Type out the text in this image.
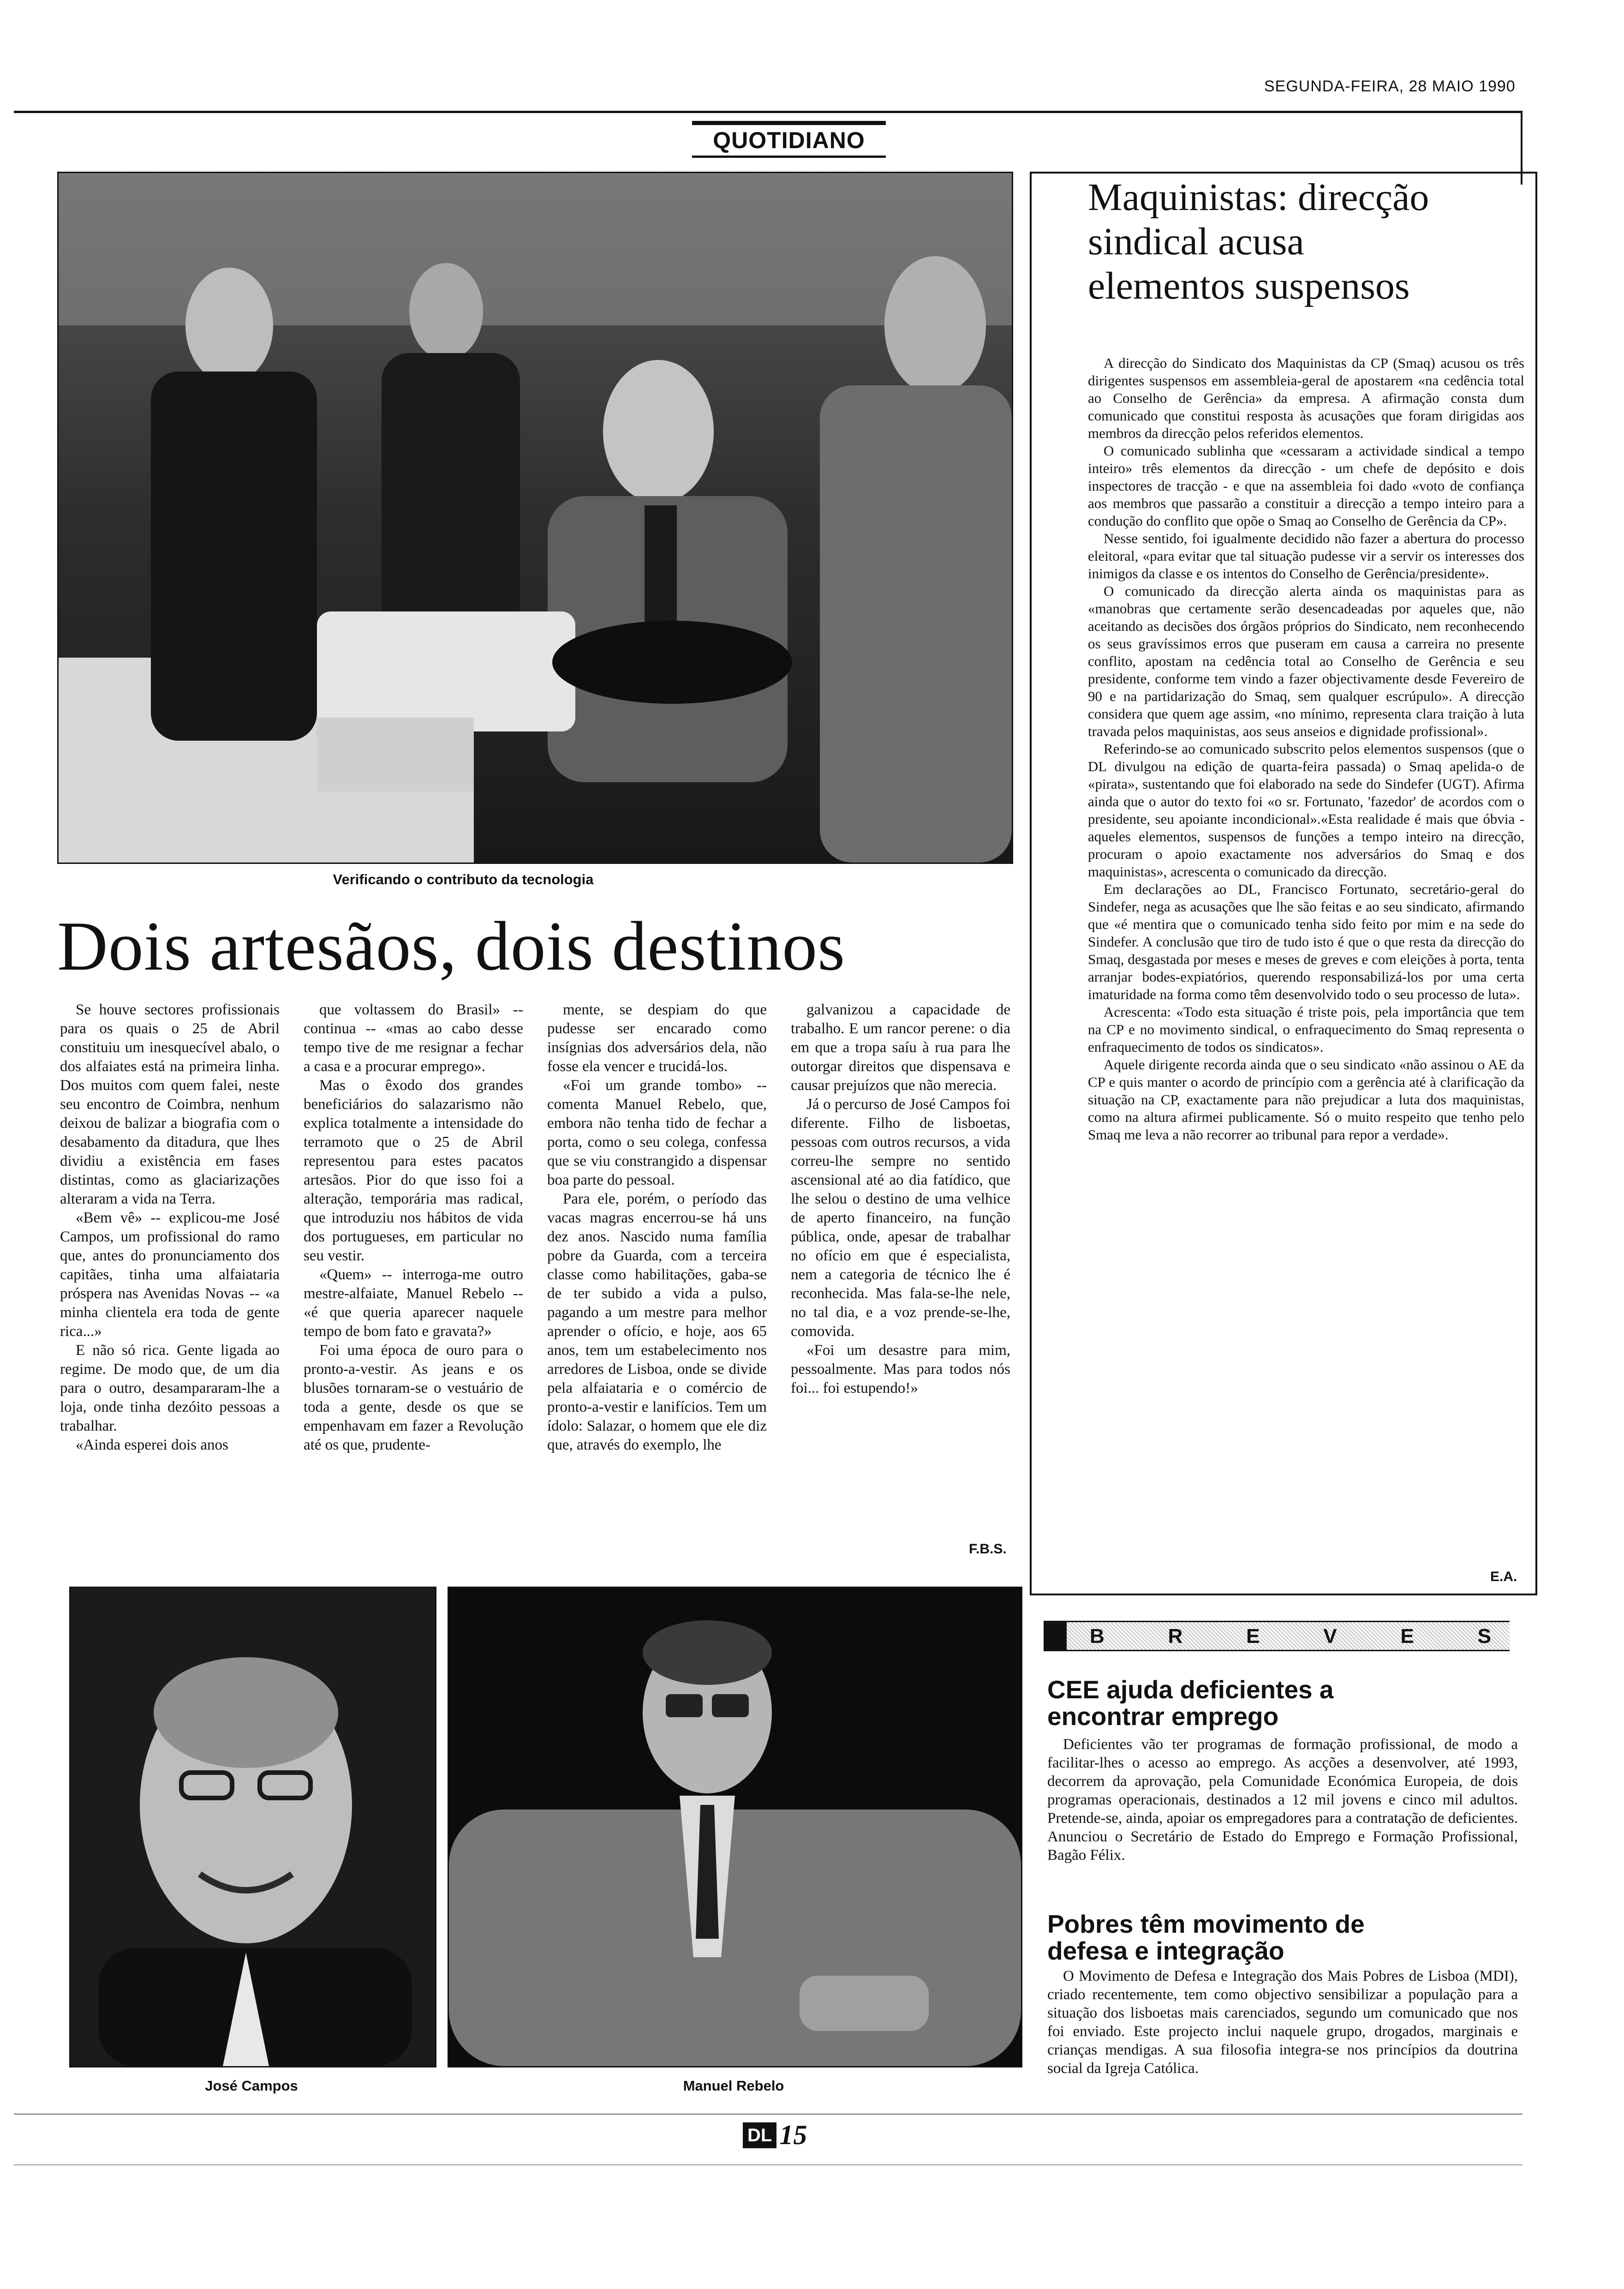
SEGUNDA-FEIRA, 28 MAIO 1990
QUOTIDIANO
Verificando o contributo da tecnologia
Dois artesãos, dois destinos

Se houve sectores profissionais para os quais o 25 de Abril constituiu um inesquecível abalo, o dos alfaiates está na primeira linha. Dos muitos com quem falei, neste seu encontro de Coimbra, nenhum deixou de balizar a biografia com o desabamento da ditadura, que lhes dividiu a existência em fases distintas, como as glaciarizações alteraram a vida na Terra.

«Bem vê» -- explicou-me José Campos, um profissional do ramo que, antes do pronunciamento dos capitães, tinha uma alfaiataria próspera nas Avenidas Novas -- «a minha clientela era toda de gente rica...»

E não só rica. Gente ligada ao regime. De modo que, de um dia para o outro, desampararam-lhe a loja, onde tinha dezóito pessoas a trabalhar.

«Ainda esperei dois anos

que voltassem do Brasil» -- continua -- «mas ao cabo desse tempo tive de me resignar a fechar a casa e a procurar emprego».

Mas o êxodo dos grandes beneficiários do salazarismo não explica totalmente a intensidade do terramoto que o 25 de Abril representou para estes pacatos artesãos. Pior do que isso foi a alteração, temporária mas radical, que introduziu nos hábitos de vida dos portugueses, em particular no seu vestir.

«Quem» -- interroga-me outro mestre-alfaiate, Manuel Rebelo -- «é que queria aparecer naquele tempo de bom fato e gravata?»

Foi uma época de ouro para o pronto-a-vestir. As jeans e os blusões tornaram-se o vestuário de toda a gente, desde os que se empenhavam em fazer a Revolução até os que, prudente-

mente, se despiam do que pudesse ser encarado como insígnias dos adversários dela, não fosse ela vencer e trucidá-los.

«Foi um grande tombo» -- comenta Manuel Rebelo, que, embora não tenha tido de fechar a porta, como o seu colega, confessa que se viu constrangido a dispensar boa parte do pessoal.

Para ele, porém, o período das vacas magras encerrou-se há uns dez anos. Nascido numa família pobre da Guarda, com a terceira classe como habilitações, gaba-se de ter subido a vida a pulso, pagando a um mestre para melhor aprender o ofício, e hoje, aos 65 anos, tem um estabelecimento nos arredores de Lisboa, onde se divide pela alfaiataria e o comércio de pronto-a-vestir e lanifícios. Tem um ídolo: Salazar, o homem que ele diz que, através do exemplo, lhe

galvanizou a capacidade de trabalho. E um rancor perene: o dia em que a tropa saíu à rua para lhe outorgar direitos que dispensava e causar prejuízos que não merecia.

Já o percurso de José Campos foi diferente. Filho de lisboetas, pessoas com outros recursos, a vida correu-lhe sempre no sentido ascensional até ao dia fatídico, que lhe selou o destino de uma velhice de aperto financeiro, na função pública, onde, apesar de trabalhar no ofício em que é especialista, nem a categoria de técnico lhe é reconhecida. Mas fala-se-lhe nele, no tal dia, e a voz prende-se-lhe, comovida.

«Foi um desastre para mim, pessoalmente. Mas para todos nós foi... foi estupendo!»

F.B.S.
José Campos	Manuel Rebelo
Maquinistas: direcção sindical acusa elementos suspensos

A direcção do Sindicato dos Maquinistas da CP (Smaq) acusou os três dirigentes suspensos em assembleia-geral de apostarem «na cedência total ao Conselho de Gerência» da empresa. A afirmação consta dum comunicado que constitui resposta às acusações que foram dirigidas aos membros da direcção pelos referidos elementos.

O comunicado sublinha que «cessaram a actividade sindical a tempo inteiro» três elementos da direcção - um chefe de depósito e dois inspectores de tracção - e que na assembleia foi dado «voto de confiança aos membros que passarão a constituir a direcção a tempo inteiro para a condução do conflito que opõe o Smaq ao Conselho de Gerência da CP».

Nesse sentido, foi igualmente decidido não fazer a abertura do processo eleitoral, «para evitar que tal situação pudesse vir a servir os interesses dos inimigos da classe e os intentos do Conselho de Gerência/presidente».

O comunicado da direcção alerta ainda os maquinistas para as «manobras que certamente serão desencadeadas por aqueles que, não aceitando as decisões dos órgãos próprios do Sindicato, nem reconhecendo os seus gravíssimos erros que puseram em causa a carreira no presente conflito, apostam na cedência total ao Conselho de Gerência e seu presidente, conforme tem vindo a fazer objectivamente desde Fevereiro de 90 e na partidarização do Smaq, sem qualquer escrúpulo». A direcção considera que quem age assim, «no mínimo, representa clara traição à luta travada pelos maquinistas, aos seus anseios e dignidade profissional».

Referindo-se ao comunicado subscrito pelos elementos suspensos (que o DL divulgou na edição de quarta-feira passada) o Smaq apelida-o de «pirata», sustentando que foi elaborado na sede do Sindefer (UGT). Afirma ainda que o autor do texto foi «o sr. Fortunato, 'fazedor' de acordos com o presidente, seu apoiante incondicional».«Esta realidade é mais que óbvia - aqueles elementos, suspensos de funções a tempo inteiro na direcção, procuram o apoio exactamente nos adversários do Smaq e dos maquinistas», acrescenta o comunicado da direcção.

Em declarações ao DL, Francisco Fortunato, secretário-geral do Sindefer, nega as acusações que lhe são feitas e ao seu sindicato, afirmando que «é mentira que o comunicado tenha sido feito por mim e na sede do Sindefer. A conclusão que tiro de tudo isto é que o que resta da direcção do Smaq, desgastada por meses e meses de greves e com eleições à porta, tenta arranjar bodes-expiatórios, querendo responsabilizá-los por uma certa imaturidade na forma como têm desenvolvido todo o seu processo de luta».

Acrescenta: «Todo esta situação é triste pois, pela importância que tem na CP e no movimento sindical, o enfraquecimento do Smaq representa o enfraquecimento de todos os sindicatos».

Aquele dirigente recorda ainda que o seu sindicato «não assinou o AE da CP e quis manter o acordo de princípio com a gerência até à clarificação da situação na CP, exactamente para não prejudicar a luta dos maquinistas, como na altura afirmei publicamente. Só o muito respeito que tenho pelo Smaq me leva a não recorrer ao tribunal para repor a verdade».

E.A.
B	R	E	V	E	S
CEE ajuda deficientes a encontrar emprego

Deficientes vão ter programas de formação profissional, de modo a facilitar-lhes o acesso ao emprego. As acções a desenvolver, até 1993, decorrem da aprovação, pela Comunidade Económica Europeia, de dois programas operacionais, destinados a 12 mil jovens e cinco mil adultos. Pretende-se, ainda, apoiar os empregadores para a contratação de deficientes. Anunciou o Secretário de Estado do Emprego e Formação Profissional, Bagão Félix.

Pobres têm movimento de defesa e integração

O Movimento de Defesa e Integração dos Mais Pobres de Lisboa (MDI), criado recentemente, tem como objectivo sensibilizar a população para a situação dos lisboetas mais carenciados, segundo um comunicado que nos foi enviado. Este projecto inclui naquele grupo, drogados, marginais e crianças mendigas. A sua filosofia integra-se nos princípios da doutrina social da Igreja Católica.

DL 15
